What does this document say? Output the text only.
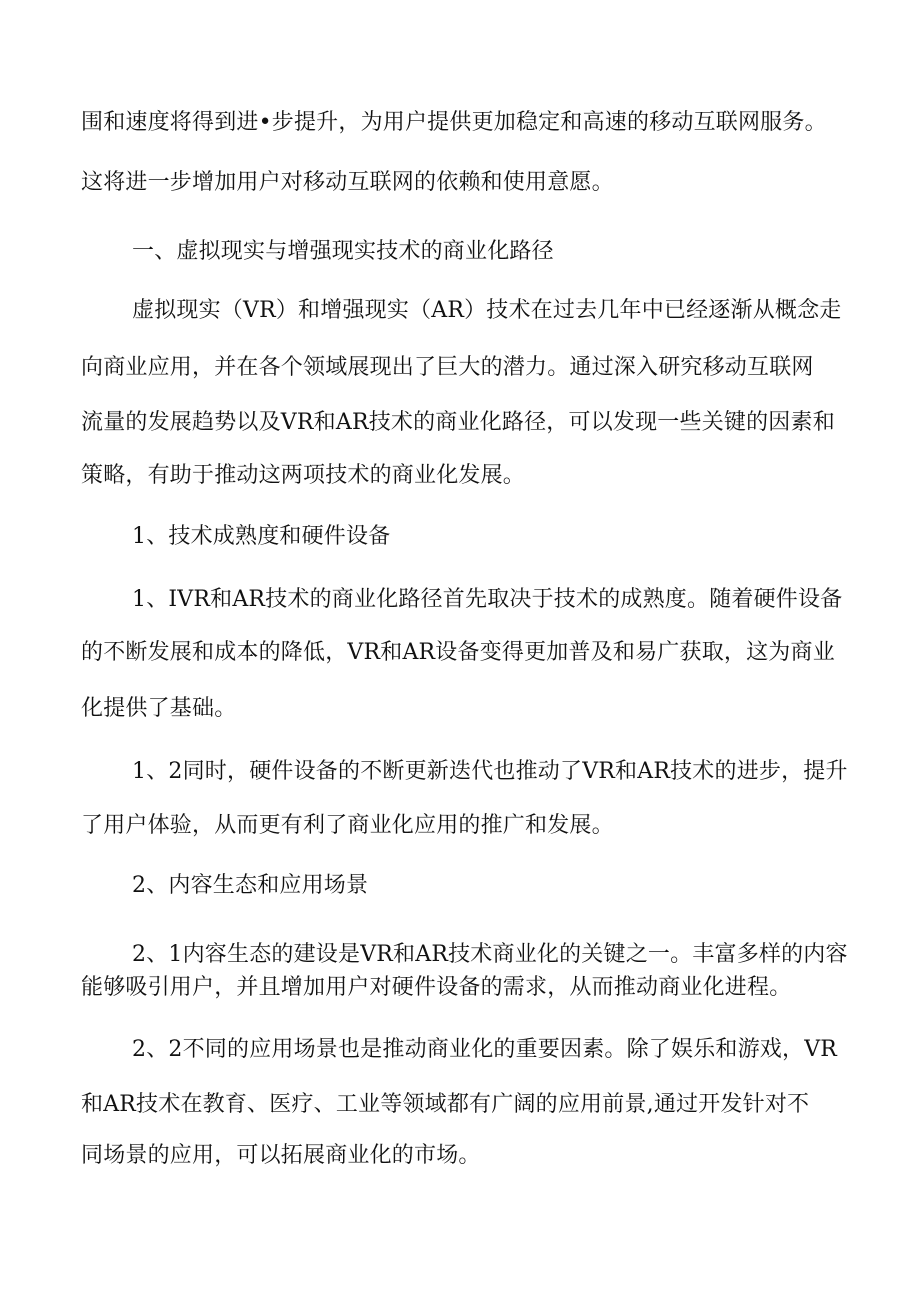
围和速度将得到进•步提升，为用户提供更加稳定和高速的移动互联网服务。
这将进一步增加用户对移动互联网的依赖和使用意愿。
一、虚拟现实与增强现实技术的商业化路径
虚拟现实（VR）和增强现实（AR）技术在过去几年中已经逐渐从概念走
向商业应用，并在各个领域展现出了巨大的潜力。通过深入研究移动互联网
流量的发展趋势以及VR和AR技术的商业化路径，可以发现一些关键的因素和
策略，有助于推动这两项技术的商业化发展。
1、技术成熟度和硬件设备
1、IVR和AR技术的商业化路径首先取决于技术的成熟度。随着硬件设备
的不断发展和成本的降低，VR和AR设备变得更加普及和易广获取，这为商业
化提供了基础。
1、2同时，硬件设备的不断更新迭代也推动了VR和AR技术的进步，提升
了用户体验，从而更有利了商业化应用的推广和发展。
2、内容生态和应用场景
2、1内容生态的建设是VR和AR技术商业化的关键之一。丰富多样的内容
能够吸引用户，并且增加用户对硬件设备的需求，从而推动商业化进程。
2、2不同的应用场景也是推动商业化的重要因素。除了娱乐和游戏，VR
和AR技术在教育、医疗、工业等领域都有广阔的应用前景,通过开发针对不
同场景的应用，可以拓展商业化的市场。
